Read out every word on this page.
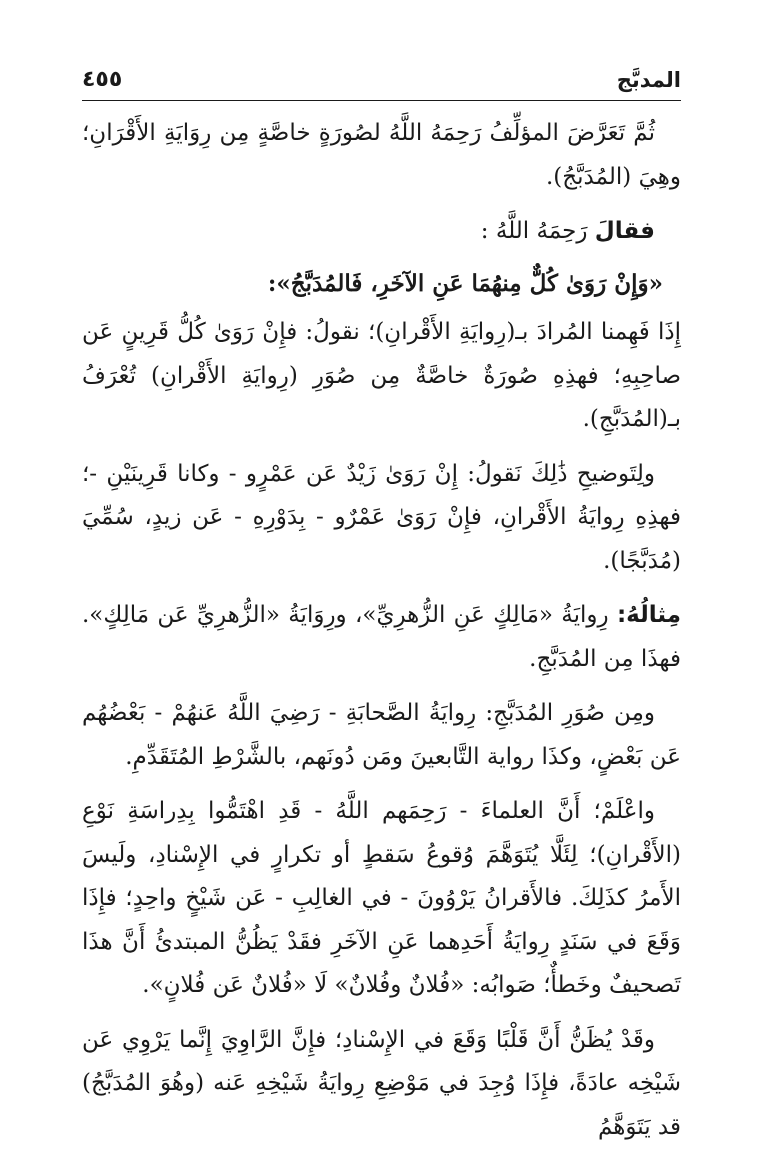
المدبَّج
٤٥٥

ثُمَّ تَعَرَّضَ المؤلِّفُ رَحِمَهُ اللَّهُ لصُورَةٍ خاصَّةٍ مِن رِوَايَةِ الأَقْرَانِ؛ وهِيَ (المُدَبَّجُ).

فقالَ رَحِمَهُ اللَّهُ :

«وَإِنْ رَوَىٰ كُلٌّ مِنهُمَا عَنِ الآخَرِ، فَالمُدَبَّجُ»:

إِذَا فَهِمنا المُرادَ بـ(رِوايَةِ الأَقْرانِ)؛ نقولُ: فإِنْ رَوَىٰ كُلُّ قَرِينٍ عَن صاحِبِهِ؛ فهذِهِ صُورَةٌ خاصَّةٌ مِن صُوَرِ (رِوايَةِ الأَقْرانِ) تُعْرَفُ بـ(المُدَبَّجِ).

ولِتَوضيحِ ذَٰلِكَ نَقولُ: إِنْ رَوَىٰ زَيْدٌ عَن عَمْرٍو - وكانا قَرِينَيْنِ -؛ فهذِهِ رِوايَةُ الأَقْرانِ، فإِنْ رَوَىٰ عَمْرٌو - بِدَوْرِهِ - عَن زيدٍ، سُمِّيَ (مُدَبَّجًا).

مِثالُهُ: رِوايَةُ «مَالِكٍ عَنِ الزُّهرِيِّ»، ورِوَايَةُ «الزُّهرِيِّ عَن مَالِكٍ». فهذَا مِن المُدَبَّجِ.

ومِن صُوَرِ المُدَبَّجِ: رِوايَةُ الصَّحابَةِ - رَضِيَ اللَّهُ عَنهُمْ - بَعْضُهُم عَن بَعْضٍ، وكذَا رواية التَّابعينَ ومَن دُونَهم، بالشَّرْطِ المُتَقَدِّمِ.

واعْلَمْ؛ أَنَّ العلماءَ - رَحِمَهم اللَّهُ - قَدِ اهْتَمُّوا بِدِراسَةِ نَوْعِ (الأَقْرانِ)؛ لِئَلَّا يُتَوَهَّمَ وُقوعُ سَقطٍ أو تكرارٍ في الإِسْنادِ، ولَيسَ الأَمرُ كذَلِكَ. فالأَقرانُ يَرْوُونَ - في الغالِبِ - عَن شَيْخٍ واحِدٍ؛ فإِذَا وَقَعَ في سَنَدٍ رِوايَةُ أَحَدِهما عَنِ الآخَرِ فقَدْ يَظُنُّ المبتدئُ أَنَّ هذَا تَصحيفٌ وخَطأٌ؛ صَوابُه: «فُلانٌ وفُلانٌ» لَا «فُلانٌ عَن فُلانٍ».

وقَدْ يُظَنُّ أَنَّ قَلْبًا وَقَعَ في الإِسْنادِ؛ فإِنَّ الرَّاوِيَ إِنَّما يَرْوِي عَن شَيْخِه عادَةً، فإِذَا وُجِدَ في مَوْضِعِ رِوايَةُ شَيْخِهِ عَنه (وهُوَ المُدَبَّجُ) قد يَتَوَهَّمُ
